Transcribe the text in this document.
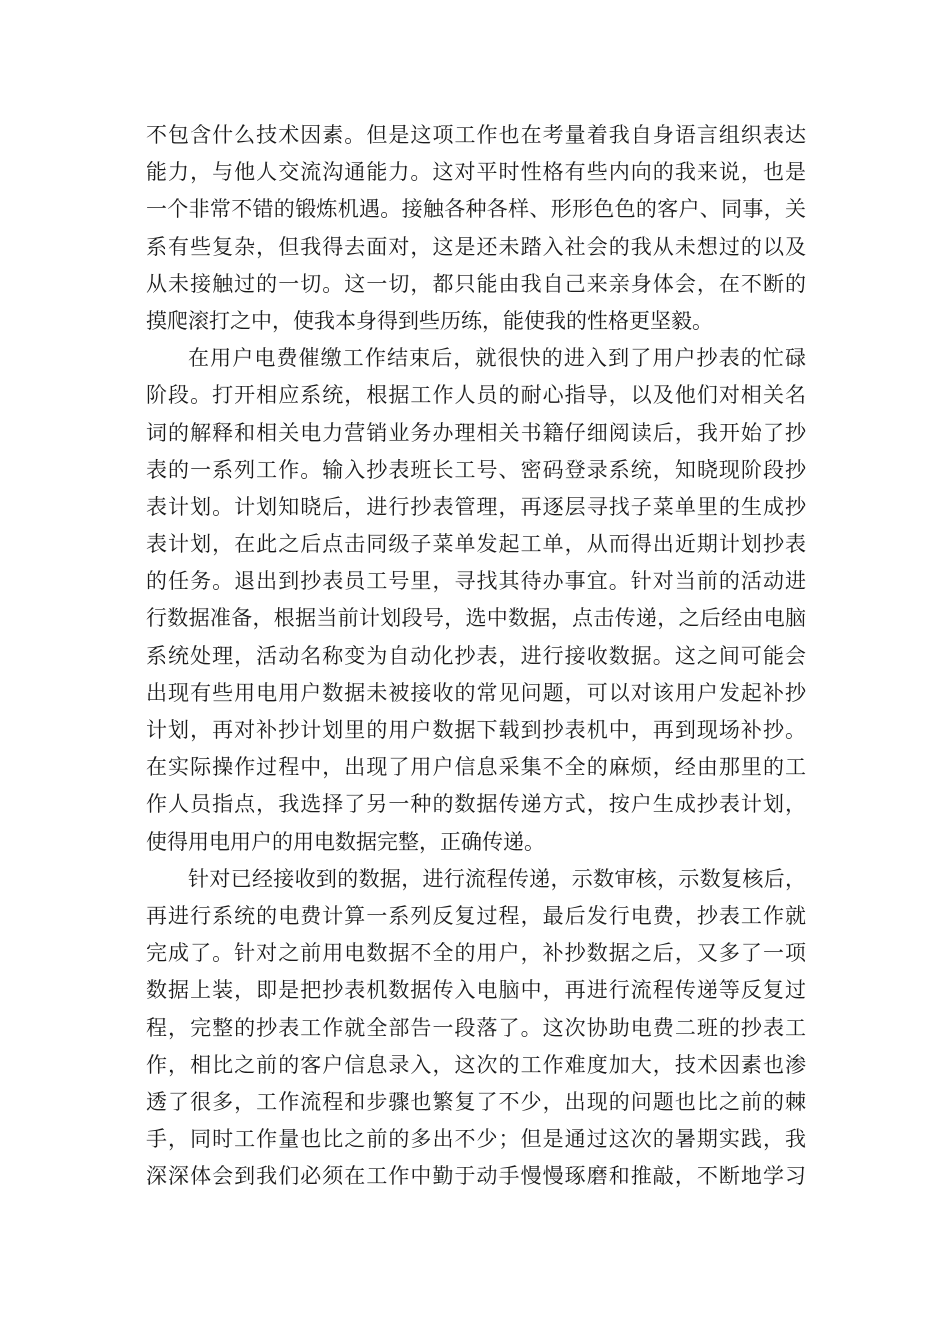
不包含什么技术因素。但是这项工作也在考量着我自身语言组织表达
能力，与他人交流沟通能力。这对平时性格有些内向的我来说，也是
一个非常不错的锻炼机遇。接触各种各样、形形色色的客户、同事，关
系有些复杂，但我得去面对，这是还未踏入社会的我从未想过的以及
从未接触过的一切。这一切，都只能由我自己来亲身体会，在不断的
摸爬滚打之中，使我本身得到些历练，能使我的性格更坚毅。
在用户电费催缴工作结束后，就很快的进入到了用户抄表的忙碌
阶段。打开相应系统，根据工作人员的耐心指导，以及他们对相关名
词的解释和相关电力营销业务办理相关书籍仔细阅读后，我开始了抄
表的一系列工作。输入抄表班长工号、密码登录系统，知晓现阶段抄
表计划。计划知晓后，进行抄表管理，再逐层寻找子菜单里的生成抄
表计划，在此之后点击同级子菜单发起工单，从而得出近期计划抄表
的任务。退出到抄表员工号里，寻找其待办事宜。针对当前的活动进
行数据准备，根据当前计划段号，选中数据，点击传递，之后经由电脑
系统处理，活动名称变为自动化抄表，进行接收数据。这之间可能会
出现有些用电用户数据未被接收的常见问题，可以对该用户发起补抄
计划，再对补抄计划里的用户数据下载到抄表机中，再到现场补抄。
在实际操作过程中，出现了用户信息采集不全的麻烦，经由那里的工
作人员指点，我选择了另一种的数据传递方式，按户生成抄表计划，
使得用电用户的用电数据完整，正确传递。
针对已经接收到的数据，进行流程传递，示数审核，示数复核后，
再进行系统的电费计算一系列反复过程，最后发行电费，抄表工作就
完成了。针对之前用电数据不全的用户，补抄数据之后，又多了一项
数据上装，即是把抄表机数据传入电脑中，再进行流程传递等反复过
程，完整的抄表工作就全部告一段落了。这次协助电费二班的抄表工
作，相比之前的客户信息录入，这次的工作难度加大，技术因素也渗
透了很多，工作流程和步骤也繁复了不少，出现的问题也比之前的棘
手，同时工作量也比之前的多出不少；但是通过这次的暑期实践，我
深深体会到我们必须在工作中勤于动手慢慢琢磨和推敲，不断地学习
